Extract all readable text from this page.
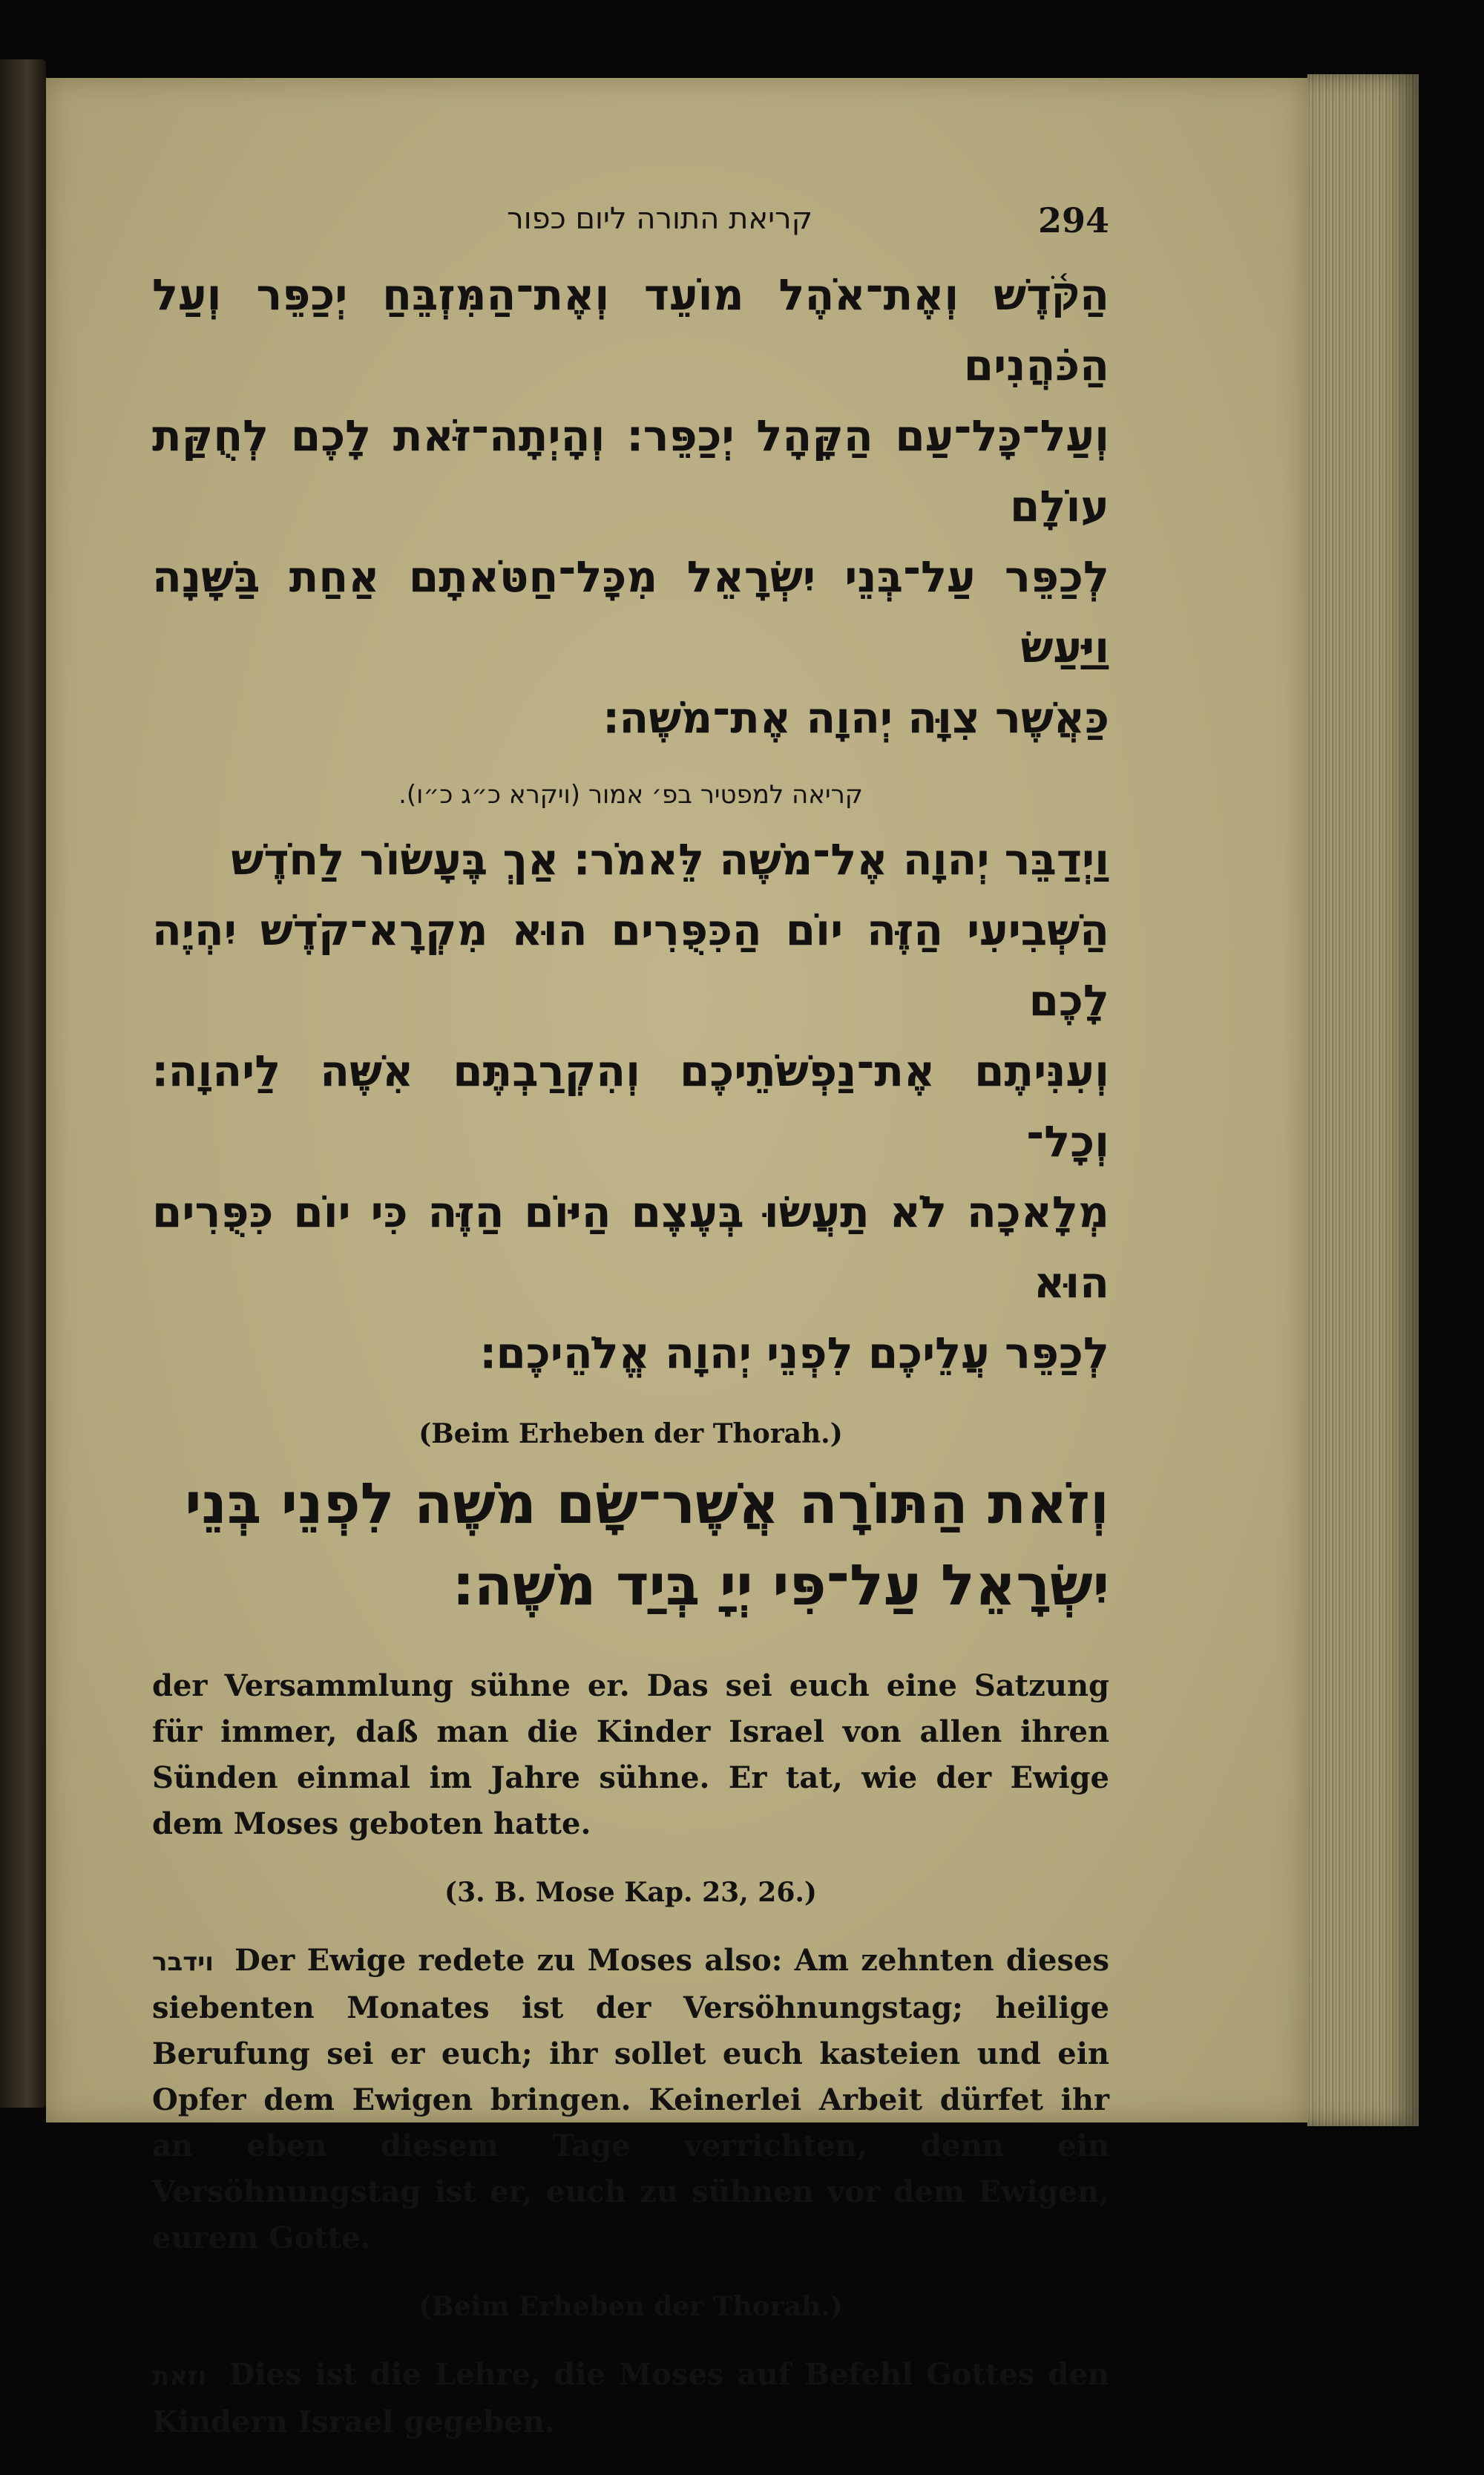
קריאת התורה ליום כפור	294
הַקֹּ֫דֶשׁ וְאֶת־אֹהֶל מוֹעֵד וְאֶת־הַמִּזְבֵּחַ יְכַפֵּר וְעַל הַכֹּהֲנִים
וְעַל־כָּל־עַם הַקָּהָל יְכַפֵּר׃ וְהָיְתָה־זֹּאת לָכֶם לְחֻקַּת עוֹלָם
לְכַפֵּר עַל־בְּנֵי יִשְׂרָאֵל מִכָּל־חַטֹּאתָם אַחַת בַּשָּׁנָה וַיַּעַשׂ
כַּאֲשֶׁר צִוָּה יְהוָה אֶת־מֹשֶׁה׃
קריאה למפטיר בפ׳ אמור (ויקרא כ״ג כ״ו).
וַיְדַבֵּר יְהוָה אֶל־מֹשֶׁה לֵּאמֹר׃ אַךְ בֶּעָשׂוֹר לַחֹדֶשׁ
הַשְּׁבִיעִי הַזֶּה יוֹם הַכִּפֻּרִים הוּא מִקְרָא־קֹדֶשׁ יִהְיֶה לָכֶם
וְעִנִּיתֶם אֶת־נַפְשֹׁתֵיכֶם וְהִקְרַבְתֶּם אִשֶּׁה לַיהוָה׃ וְכָל־
מְלָאכָה לֹא תַעֲשׂוּ בְּעֶצֶם הַיּוֹם הַזֶּה כִּי יוֹם כִּפֻּרִים הוּא
לְכַפֵּר עֲלֵיכֶם לִפְנֵי יְהוָה אֱלֹהֵיכֶם׃
(Beim Erheben der Thorah.)
וְזֹאת הַתּוֹרָה אֲשֶׁר־שָׂם מֹשֶׁה לִפְנֵי בְּנֵי
יִשְׂרָאֵל עַל־פִּי יְיָ בְּיַד מֹשֶׁה׃

der Versammlung sühne er. Das sei euch eine Satzung für immer, daß man die Kinder Israel von allen ihren Sünden einmal im Jahre sühne. Er tat, wie der Ewige dem Moses geboten hatte.

(3. B. Mose Kap. 23, 26.)

וידבר Der Ewige redete zu Moses also: Am zehnten dieses siebenten Monates ist der Versöhnungstag; heilige Berufung sei er euch; ihr sollet euch kasteien und ein Opfer dem Ewigen bringen. Keinerlei Arbeit dürfet ihr an eben diesem Tage verrichten, denn ein Versöhnungstag ist er, euch zu sühnen vor dem Ewigen, eurem Gotte.

(Beim Erheben der Thorah.)

וזאת Dies ist die Lehre, die Moses auf Befehl Gottes den Kindern Israel gegeben.
